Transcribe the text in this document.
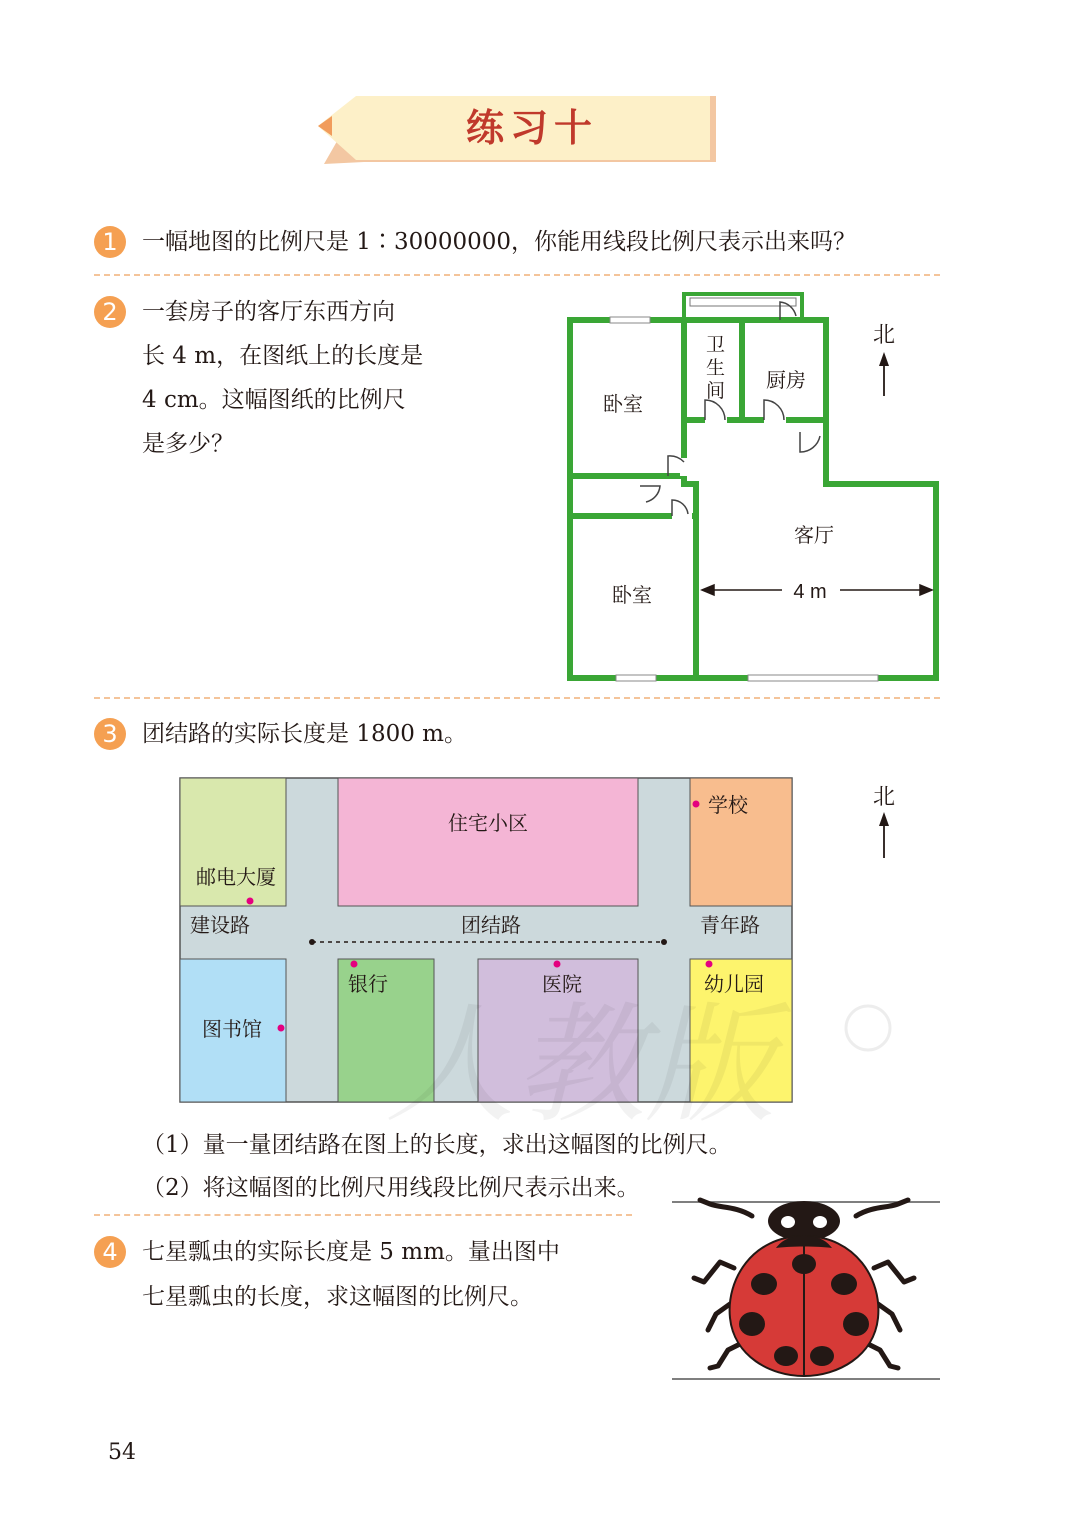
练习十
1	一幅地图的比例尺是 1∶30000000，你能用线段比例尺表示出来吗？
2	一套房子的客厅东西方向
长 4 m，在图纸上的长度是
4 cm。这幅图纸的比例尺
是多少？
卧室
卫
生
间 厨房
客厅
卧室	4 m
北
3	团结路的实际长度是 1800 m。
邮电大厦
住宅小区
学校
建设路	团结路	青年路
银行	医院	幼儿园
图书馆
北
人教版
（1）量一量团结路在图上的长度，求出这幅图的比例尺。
（2）将这幅图的比例尺用线段比例尺表示出来。
4	七星瓢虫的实际长度是 5 mm。量出图中
七星瓢虫的长度，求这幅图的比例尺。
54
